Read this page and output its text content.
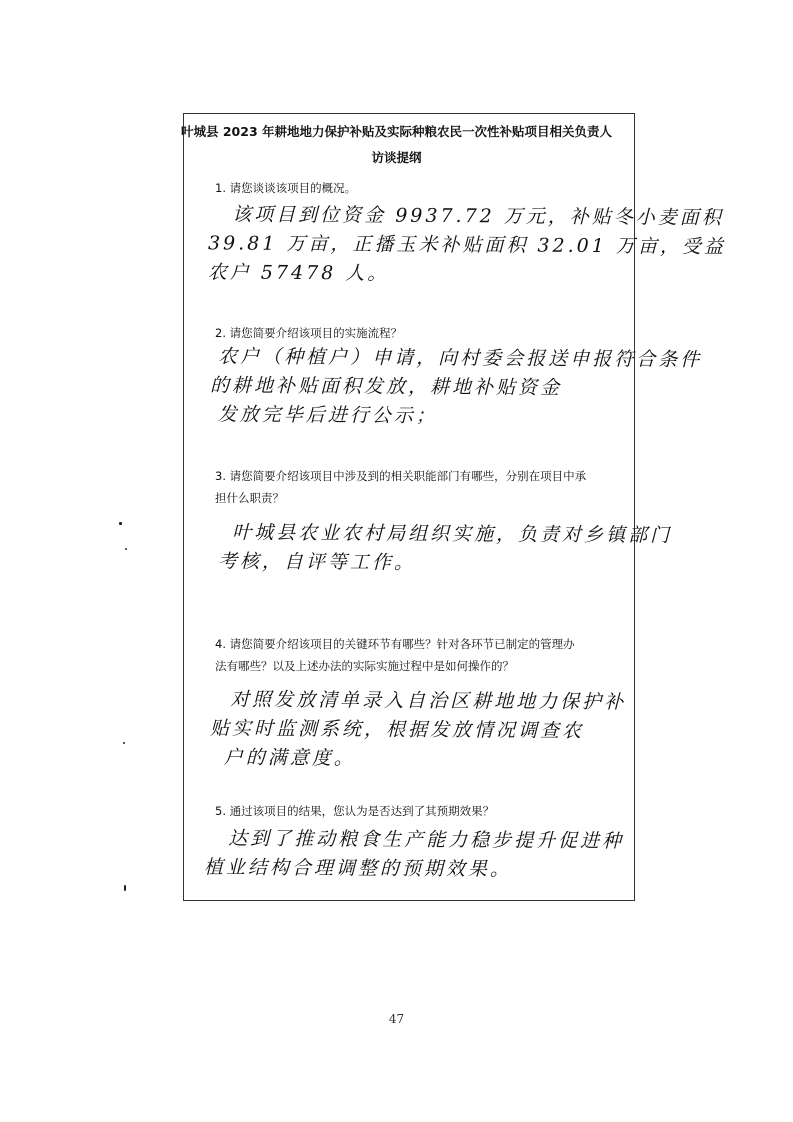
叶城县 2023 年耕地地力保护补贴及实际种粮农民一次性补贴项目相关负责人
访谈提纲
1. 请您谈谈该项目的概况。
该项目到位资金 9937.72 万元，补贴冬小麦面积
39.81 万亩，正播玉米补贴面积 32.01 万亩，受益
农户 57478 人。
2. 请您简要介绍该项目的实施流程？
农户（种植户）申请，向村委会报送申报符合条件
的耕地补贴面积发放，耕地补贴资金
发放完毕后进行公示；
3. 请您简要介绍该项目中涉及到的相关职能部门有哪些，分别在项目中承
担什么职责？
叶城县农业农村局组织实施，负责对乡镇部门
考核，自评等工作。
4. 请您简要介绍该项目的关键环节有哪些？针对各环节已制定的管理办
法有哪些？以及上述办法的实际实施过程中是如何操作的？
对照发放清单录入自治区耕地地力保护补
贴实时监测系统，根据发放情况调查农
户的满意度。
5. 通过该项目的结果，您认为是否达到了其预期效果？
达到了推动粮食生产能力稳步提升促进种
植业结构合理调整的预期效果。
47
